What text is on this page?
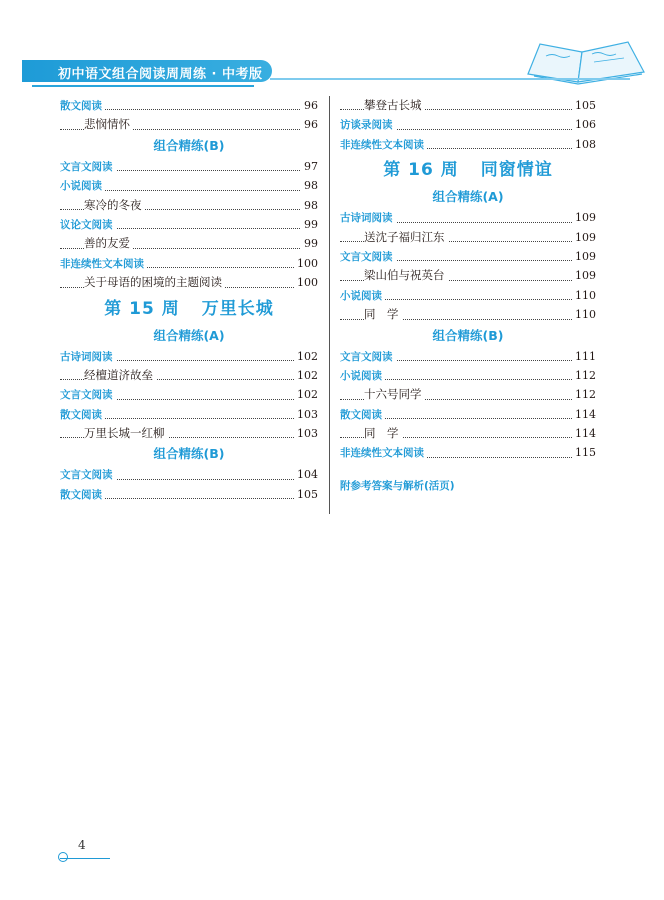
初中语文组合阅读周周练 · 中考版
散文阅读	96
悲悯情怀	96
组合精练(B)
文言文阅读	97
小说阅读	98
寒冷的冬夜	98
议论文阅读	99
善的友爱	99
非连续性文本阅读	100
关于母语的困境的主题阅读	100
第 15 周 万里长城
组合精练(A)
古诗词阅读	102
经檀道济故垒	102
文言文阅读	102
散文阅读	103
万里长城一红柳	103
组合精练(B)
文言文阅读	104
散文阅读	105
攀登古长城	105
访谈录阅读	106
非连续性文本阅读	108
第 16 周 同窗情谊
组合精练(A)
古诗词阅读	109
送沈子福归江东	109
文言文阅读	109
梁山伯与祝英台	109
小说阅读	110
同　学	110
组合精练(B)
文言文阅读	111
小说阅读	112
十六号同学	112
散文阅读	114
同　学	114
非连续性文本阅读	115
附参考答案与解析(活页)
4
